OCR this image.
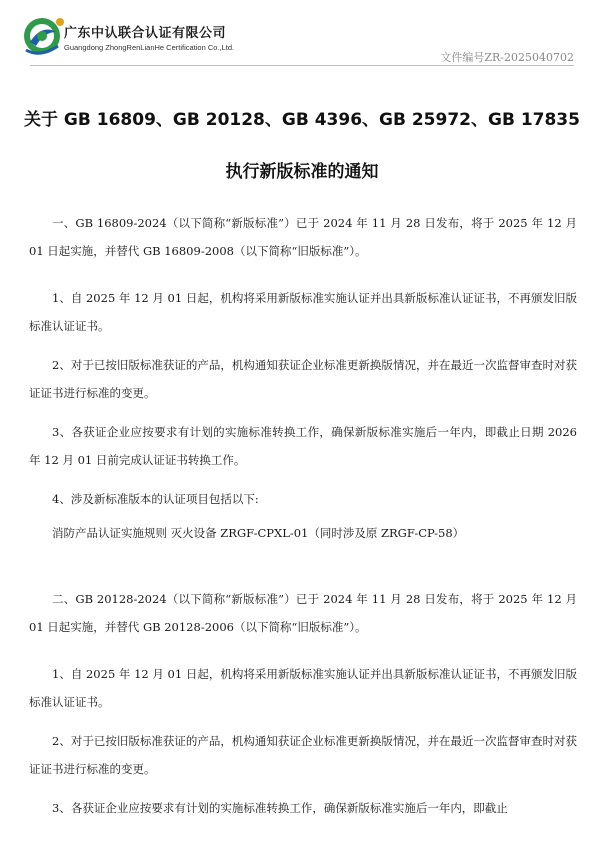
广东中认联合认证有限公司
Guangdong ZhongRenLianHe Certification Co.,Ltd.
文件编号ZR-2025040702
关于 GB 16809、GB 20128、GB 4396、GB 25972、GB 17835
执行新版标准的通知

一、GB 16809-2024（以下简称“新版标准”）已于 2024 年 11 月 28 日发布，将于 2025 年 12 月 01 日起实施，并替代 GB 16809-2008（以下简称“旧版标准”）。

1、自 2025 年 12 月 01 日起，机构将采用新版标准实施认证并出具新版标准认证证书，不再颁发旧版标准认证证书。

2、对于已按旧版标准获证的产品，机构通知获证企业标准更新换版情况，并在最近一次监督审查时对获证证书进行标准的变更。

3、各获证企业应按要求有计划的实施标准转换工作，确保新版标准实施后一年内，即截止日期 2026 年 12 月 01 日前完成认证证书转换工作。

4、涉及新标准版本的认证项目包括以下:

消防产品认证实施规则 灭火设备 ZRGF-CPXL-01（同时涉及原 ZRGF-CP-58）

二、GB 20128-2024（以下简称“新版标准”）已于 2024 年 11 月 28 日发布，将于 2025 年 12 月 01 日起实施，并替代 GB 20128-2006（以下简称“旧版标准”）。

1、自 2025 年 12 月 01 日起，机构将采用新版标准实施认证并出具新版标准认证证书，不再颁发旧版标准认证证书。

2、对于已按旧版标准获证的产品，机构通知获证企业标准更新换版情况，并在最近一次监督审查时对获证证书进行标准的变更。

3、各获证企业应按要求有计划的实施标准转换工作，确保新版标准实施后一年内，即截止
